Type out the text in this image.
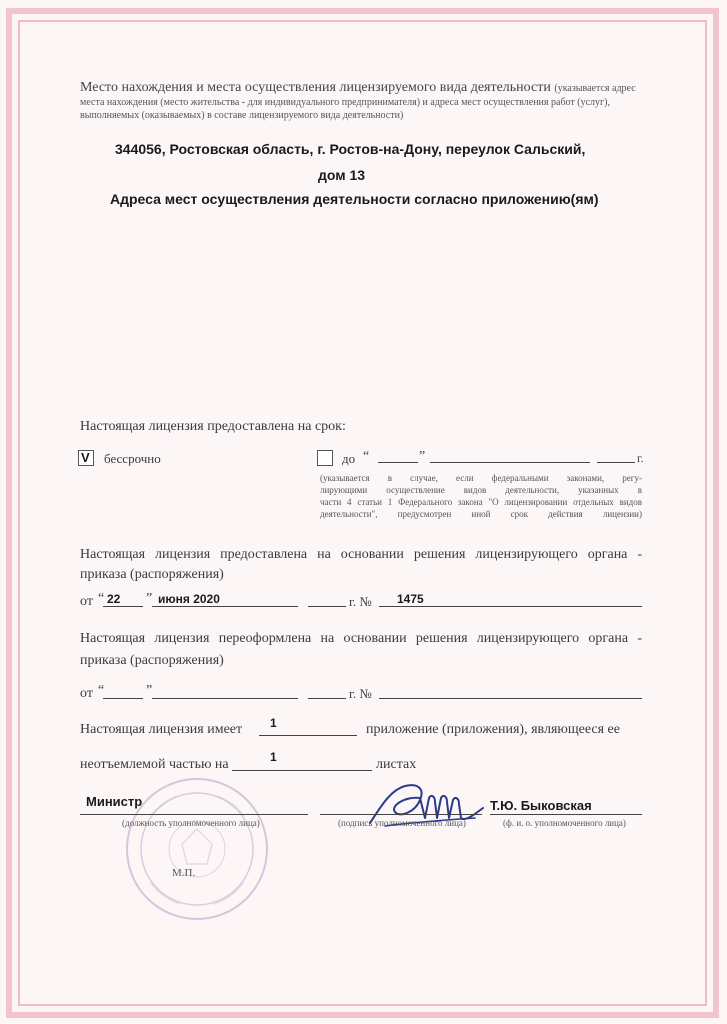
Место нахождения и места осуществления лицензируемого вида деятельности (указывается адрес
места нахождения (место жительства - для индивидуального предпринимателя) и адреса мест осуществления работ (услуг),
выполняемых (оказываемых) в составе лицензируемого вида деятельности)
344056, Ростовская область, г. Ростов-на-Дону, переулок Сальский,
дом 13
Адреса мест осуществления деятельности согласно приложению(ям)
Настоящая лицензия предоставлена на срок:
V бессрочно	до “	”	г.
(указывается в случае, если федеральными законами, регу-
лирующими осуществление видов деятельности, указанных в
части 4 статьи 1 Федерального закона "О лицензировании отдельных видов
деятельности", предусмотрен иной срок действия лицензии)
Настоящая лицензия предоставлена на основании решения лицензирующего органа -
приказа (распоряжения)
от “ 22 ” июня 2020	г. № 1475
Настоящая лицензия переоформлена на основании решения лицензирующего органа -
приказа (распоряжения)
от “	”	г. №
Настоящая лицензия имеет 1	приложение (приложения), являющееся ее
неотъемлемой частью на	1	листах
Министр
(должность уполномоченного лица)	(подпись уполномоченного лица)
Т.Ю. Быковская
(ф. и. о. уполномоченного лица)
М.П.
